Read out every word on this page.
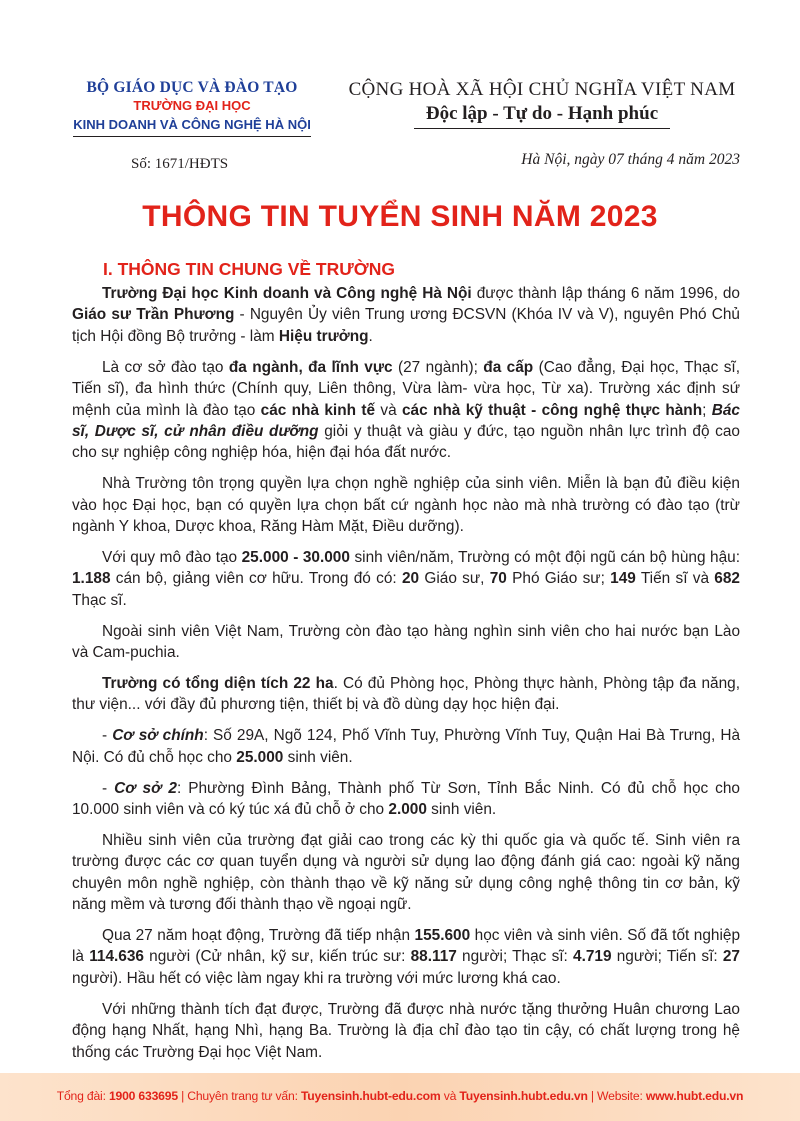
BỘ GIÁO DỤC VÀ ĐÀO TẠO
TRƯỜNG ĐẠI HỌC
KINH DOANH VÀ CÔNG NGHỆ HÀ NỘI
Số: 1671/HĐTS
CỘNG HOÀ XÃ HỘI CHỦ NGHĨA VIỆT NAM
Độc lập - Tự do - Hạnh phúc
Hà Nội, ngày 07 tháng 4 năm 2023
THÔNG TIN TUYỂN SINH NĂM 2023
I. THÔNG TIN CHUNG VỀ TRƯỜNG

Trường Đại học Kinh doanh và Công nghệ Hà Nội được thành lập tháng 6 năm 1996, do Giáo sư Trần Phương - Nguyên Ủy viên Trung ương ĐCSVN (Khóa IV và V), nguyên Phó Chủ tịch Hội đồng Bộ trưởng - làm Hiệu trưởng.

Là cơ sở đào tạo đa ngành, đa lĩnh vực (27 ngành); đa cấp (Cao đẳng, Đại học, Thạc sĩ, Tiến sĩ), đa hình thức (Chính quy, Liên thông, Vừa làm- vừa học, Từ xa). Trường xác định sứ mệnh của mình là đào tạo các nhà kinh tế và các nhà kỹ thuật - công nghệ thực hành; Bác sĩ, Dược sĩ, cử nhân điều dưỡng giỏi y thuật và giàu y đức, tạo nguồn nhân lực trình độ cao cho sự nghiệp công nghiệp hóa, hiện đại hóa đất nước.

Nhà Trường tôn trọng quyền lựa chọn nghề nghiệp của sinh viên. Miễn là bạn đủ điều kiện vào học Đại học, bạn có quyền lựa chọn bất cứ ngành học nào mà nhà trường có đào tạo (trừ ngành Y khoa, Dược khoa, Răng Hàm Mặt, Điều dưỡng).

Với quy mô đào tạo 25.000 - 30.000 sinh viên/năm, Trường có một đội ngũ cán bộ hùng hậu: 1.188 cán bộ, giảng viên cơ hữu. Trong đó có: 20 Giáo sư, 70 Phó Giáo sư; 149 Tiến sĩ và 682 Thạc sĩ.

Ngoài sinh viên Việt Nam, Trường còn đào tạo hàng nghìn sinh viên cho hai nước bạn Lào và Cam-puchia.

Trường có tổng diện tích 22 ha. Có đủ Phòng học, Phòng thực hành, Phòng tập đa năng, thư viện... với đầy đủ phương tiện, thiết bị và đồ dùng dạy học hiện đại.

- Cơ sở chính: Số 29A, Ngõ 124, Phố Vĩnh Tuy, Phường Vĩnh Tuy, Quận Hai Bà Trưng, Hà Nội. Có đủ chỗ học cho 25.000 sinh viên.

- Cơ sở 2: Phường Đình Bảng, Thành phố Từ Sơn, Tỉnh Bắc Ninh. Có đủ chỗ học cho 10.000 sinh viên và có ký túc xá đủ chỗ ở cho 2.000 sinh viên.

Nhiều sinh viên của trường đạt giải cao trong các kỳ thi quốc gia và quốc tế. Sinh viên ra trường được các cơ quan tuyển dụng và người sử dụng lao động đánh giá cao: ngoài kỹ năng chuyên môn nghề nghiệp, còn thành thạo về kỹ năng sử dụng công nghệ thông tin cơ bản, kỹ năng mềm và tương đối thành thạo về ngoại ngữ.

Qua 27 năm hoạt động, Trường đã tiếp nhận 155.600 học viên và sinh viên. Số đã tốt nghiệp là 114.636 người (Cử nhân, kỹ sư, kiến trúc sư: 88.117 người; Thạc sĩ: 4.719 người; Tiến sĩ: 27 người). Hầu hết có việc làm ngay khi ra trường với mức lương khá cao.

Với những thành tích đạt được, Trường đã được nhà nước tặng thưởng Huân chương Lao động hạng Nhất, hạng Nhì, hạng Ba. Trường là địa chỉ đào tạo tin cậy, có chất lượng trong hệ thống các Trường Đại học Việt Nam.

Tổng đài: 1900 633695 | Chuyên trang tư vấn: Tuyensinh.hubt-edu.com và Tuyensinh.hubt.edu.vn | Website: www.hubt.edu.vn
